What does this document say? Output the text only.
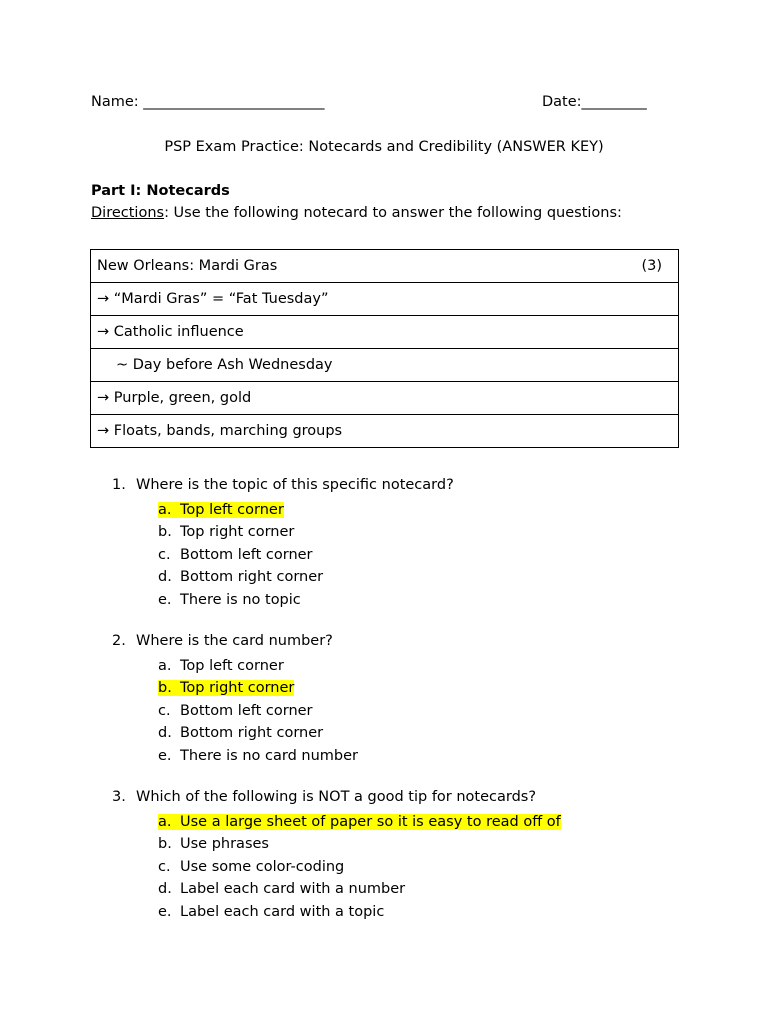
Name: _________________________	Date:_________
PSP Exam Practice: Notecards and Credibility (ANSWER KEY)
Part I: Notecards
Directions: Use the following notecard to answer the following questions:
New Orleans: Mardi Gras	(3)

→ “Mardi Gras” = “Fat Tuesday”
→ Catholic influence
~ Day before Ash Wednesday
→ Purple, green, gold
→ Floats, bands, marching groups
1. Where is the topic of this specific notecard?
a. Top left corner
b. Top right corner
c. Bottom left corner
d. Bottom right corner
e. There is no topic
2. Where is the card number?
a. Top left corner
b. Top right corner
c. Bottom left corner
d. Bottom right corner
e. There is no card number
3. Which of the following is NOT a good tip for notecards?
a. Use a large sheet of paper so it is easy to read off of
b. Use phrases
c. Use some color-coding
d. Label each card with a number
e. Label each card with a topic
